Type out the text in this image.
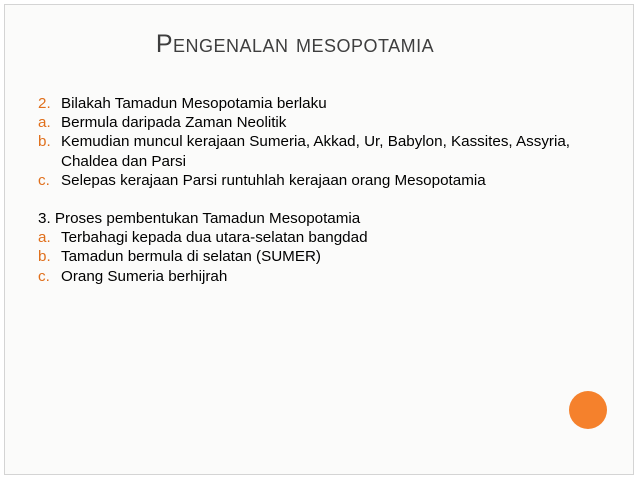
Pengenalan mesopotamia
2. Bilakah Tamadun Mesopotamia berlaku
a. Bermula daripada Zaman Neolitik
b. Kemudian muncul kerajaan Sumeria, Akkad, Ur, Babylon, Kassites, Assyria, Chaldea dan Parsi
c. Selepas kerajaan Parsi runtuhlah kerajaan orang Mesopotamia
3. Proses pembentukan Tamadun Mesopotamia
a. Terbahagi kepada dua utara-selatan bangdad
b. Tamadun bermula di selatan (SUMER)
c. Orang Sumeria berhijrah
